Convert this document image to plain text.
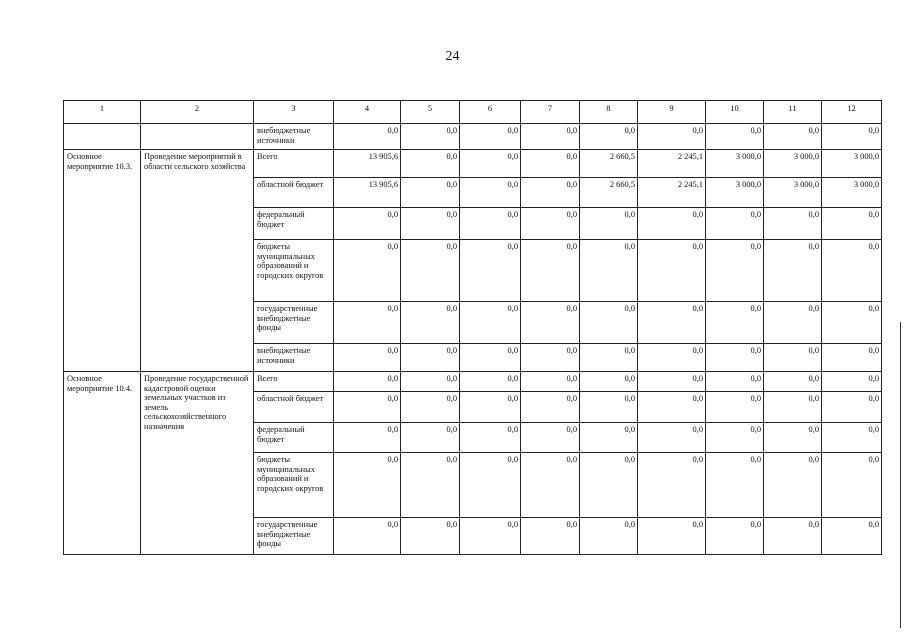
24
1	2	3	4	5	6	7	8	9	10	11	12
		внебюджетные источники	0,0	0,0	0,0	0,0	0,0	0,0	0,0	0,0	0,0
Основное мероприятие 10.3.	Проведение мероприятий в области сельского хозяйства	Всего	13 905,6	0,0	0,0	0,0	2 660,5	2 245,1	3 000,0	3 000,0	3 000,0
		областной бюджет	13 905,6	0,0	0,0	0,0	2 660,5	2 245,1	3 000,0	3 000,0	3 000,0
		федеральный бюджет	0,0	0,0	0,0	0,0	0,0	0,0	0,0	0,0	0,0
		бюджеты муниципальных образований и городских округов	0,0	0,0	0,0	0,0	0,0	0,0	0,0	0,0	0,0
		государственные внебюджетные фонды	0,0	0,0	0,0	0,0	0,0	0,0	0,0	0,0	0,0
		внебюджетные источники	0,0	0,0	0,0	0,0	0,0	0,0	0,0	0,0	0,0
Основное мероприятие 10.4.	Проведение государственной кадастровой оценки земельных участков из земель сельскохозяйственного назначения	Всего	0,0	0,0	0,0	0,0	0,0	0,0	0,0	0,0	0,0
		областной бюджет	0,0	0,0	0,0	0,0	0,0	0,0	0,0	0,0	0,0
		федеральный бюджет	0,0	0,0	0,0	0,0	0,0	0,0	0,0	0,0	0,0
		бюджеты муниципальных образований и городских округов	0,0	0,0	0,0	0,0	0,0	0,0	0,0	0,0	0,0
		государственные внебюджетные фонды	0,0	0,0	0,0	0,0	0,0	0,0	0,0	0,0	0,0
